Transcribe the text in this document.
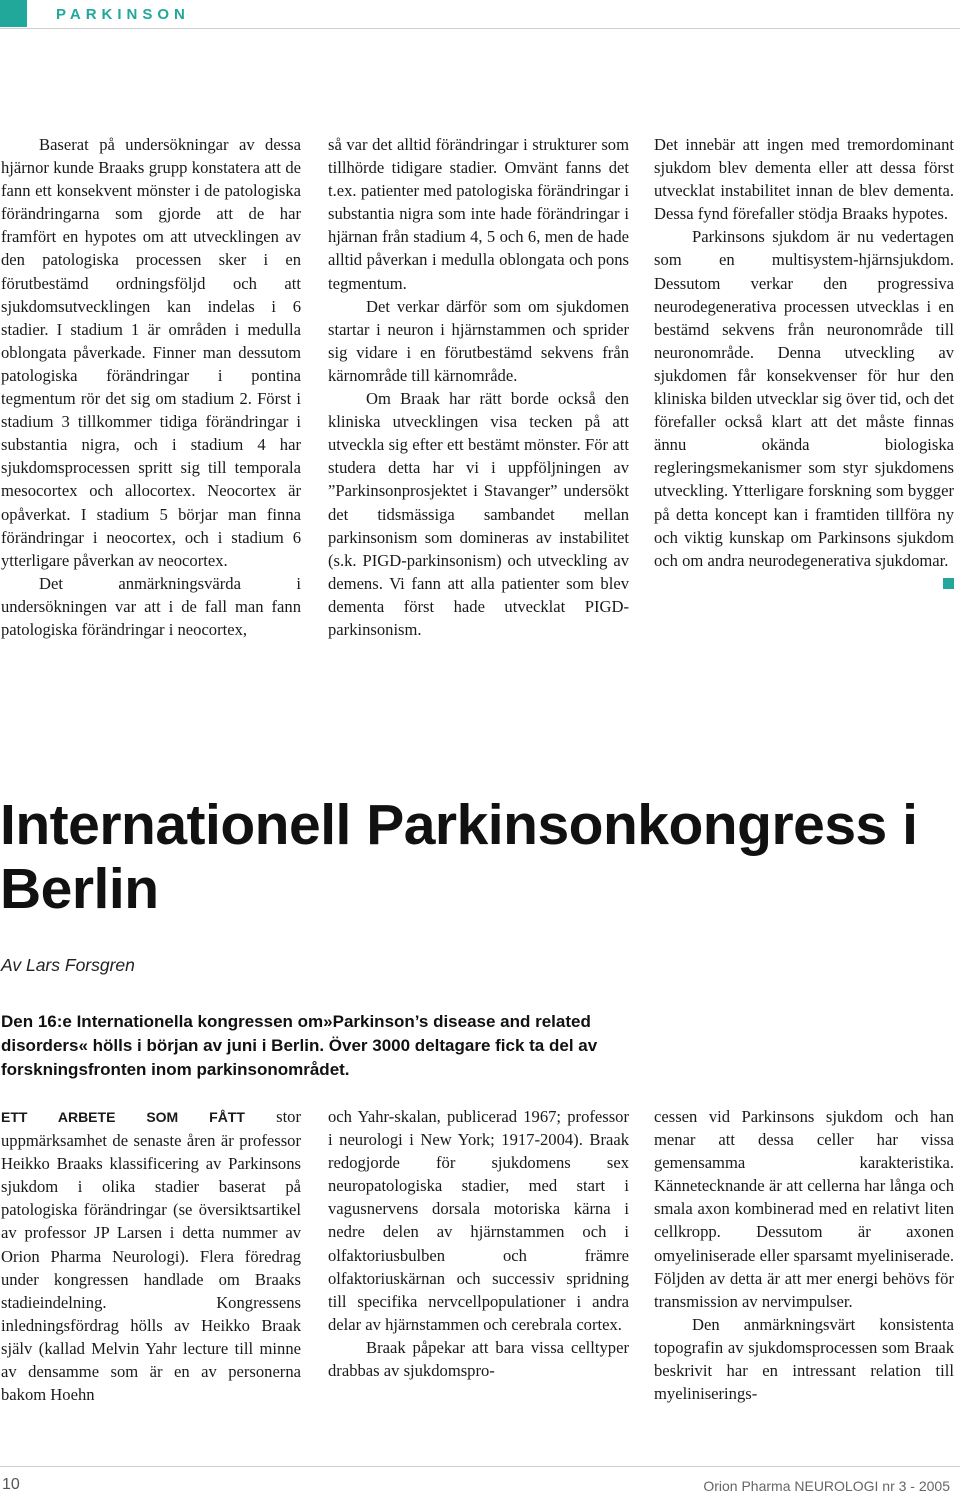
PARKINSON

Baserat på undersökningar av dessa hjärnor kunde Braaks grupp konstatera att de fann ett konsekvent mönster i de patologiska förändringarna som gjorde att de har framfört en hypotes om att utvecklingen av den patologiska processen sker i en förutbestämd ordningsföljd och att sjukdomsutvecklingen kan indelas i 6 stadier. I stadium 1 är områden i medulla oblongata påverkade. Finner man dessutom patologiska förändringar i pontina tegmentum rör det sig om stadium 2. Först i stadium 3 tillkommer tidiga förändringar i substantia nigra, och i stadium 4 har sjukdomsprocessen spritt sig till temporala mesocortex och allocortex. Neocortex är opåverkat. I stadium 5 börjar man finna förändringar i neocortex, och i stadium 6 ytterligare påverkan av neocortex.

Det anmärkningsvärda i undersökningen var att i de fall man fann patologiska förändringar i neocortex,

så var det alltid förändringar i strukturer som tillhörde tidigare stadier. Omvänt fanns det t.ex. patienter med patologiska förändringar i substantia nigra som inte hade förändringar i hjärnan från stadium 4, 5 och 6, men de hade alltid påverkan i medulla oblongata och pons tegmentum.

Det verkar därför som om sjukdomen startar i neuron i hjärnstammen och sprider sig vidare i en förutbestämd sekvens från kärnområde till kärnområde.

Om Braak har rätt borde också den kliniska utvecklingen visa tecken på att utveckla sig efter ett bestämt mönster. För att studera detta har vi i uppföljningen av ”Parkinsonprosjektet i Stavanger” undersökt det tidsmässiga sambandet mellan parkinsonism som domineras av instabilitet (s.k. PIGD-parkinsonism) och utveckling av demens. Vi fann att alla patienter som blev dementa först hade utvecklat PIGD-parkinsonism.

Det innebär att ingen med tremordominant sjukdom blev dementa eller att dessa först utvecklat instabilitet innan de blev dementa. Dessa fynd förefaller stödja Braaks hypotes.

Parkinsons sjukdom är nu vedertagen som en multisystem-hjärnsjukdom. Dessutom verkar den progressiva neurodegenerativa processen utvecklas i en bestämd sekvens från neuronområde till neuronområde. Denna utveckling av sjukdomen får konsekvenser för hur den kliniska bilden utvecklar sig över tid, och det förefaller också klart att det måste finnas ännu okända biologiska regleringsmekanismer som styr sjukdomens utveckling. Ytterligare forskning som bygger på detta koncept kan i framtiden tillföra ny och viktig kunskap om Parkinsons sjukdom och om andra neurodegenerativa sjukdomar.

Internationell Parkinsonkongress i Berlin

Av Lars Forsgren

Den 16:e Internationella kongressen om»Parkinson’s disease and related disorders« hölls i början av juni i Berlin. Över 3000 deltagare fick ta del av forskningsfronten inom parkinsonområdet.

ETT ARBETE SOM FÅTT stor uppmärksamhet de senaste åren är professor Heikko Braaks klassificering av Parkinsons sjukdom i olika stadier baserat på patologiska förändringar (se översiktsartikel av professor JP Larsen i detta nummer av Orion Pharma Neurologi). Flera föredrag under kongressen handlade om Braaks stadieindelning. Kongressens inledningsfördrag hölls av Heikko Braak själv (kallad Melvin Yahr lecture till minne av densamme som är en av personerna bakom Hoehn

och Yahr-skalan, publicerad 1967; professor i neurologi i New York; 1917-2004). Braak redogjorde för sjukdomens sex neuropatologiska stadier, med start i vagusnervens dorsala motoriska kärna i nedre delen av hjärnstammen och i olfaktoriusbulben och främre olfaktoriuskärnan och successiv spridning till specifika nervcellpopulationer i andra delar av hjärnstammen och cerebrala cortex.

Braak påpekar att bara vissa celltyper drabbas av sjukdomspro-

cessen vid Parkinsons sjukdom och han menar att dessa celler har vissa gemensamma karakteristika. Kännetecknande är att cellerna har långa och smala axon kombinerad med en relativt liten cellkropp. Dessutom är axonen omyeliniserade eller sparsamt myeliniserade. Följden av detta är att mer energi behövs för transmission av nervimpulser.

Den anmärkningsvärt konsistenta topografin av sjukdomsprocessen som Braak beskrivit har en intressant relation till myeliniserings-

10	Orion Pharma NEUROLOGI nr 3 - 2005
